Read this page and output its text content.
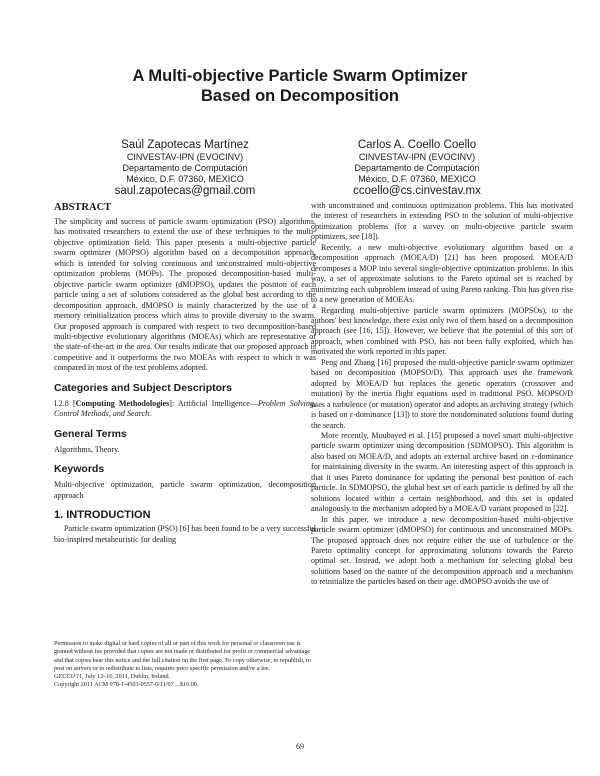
A Multi-objective Particle Swarm Optimizer
Based on Decomposition
Saúl Zapotecas Martínez
CINVESTAV-IPN (EVOCINV)
Departamento de Computación
México, D.F. 07360, MEXICO
saul.zapotecas@gmail.com
Carlos A. Coello Coello
CINVESTAV-IPN (EVOCINV)
Departamento de Computación
México, D.F. 07360, MEXICO
ccoello@cs.cinvestav.mx
ABSTRACT

The simplicity and success of particle swarm optimization (PSO) algorithms, has motivated researchers to extend the use of these techniques to the multi-objective optimization field. This paper presents a multi-objective particle swarm optimizer (MOPSO) algorithm based on a decomposition approach, which is intended for solving continuous and unconstrained multi-objective optimization problems (MOPs). The proposed decomposition-based multi-objective particle swarm optimizer (dMOPSO), updates the position of each particle using a set of solutions considered as the global best according to the decomposition approach. dMOPSO is mainly characterized by the use of a memory reinitialization process which aims to provide diversity to the swarm. Our proposed approach is compared with respect to two decomposition-based multi-objective evolutionary algorithms (MOEAs) which are representative of the state-of-the-art in the area. Our results indicate that our proposed approach is competitive and it outperforms the two MOEAs with respect to which it was compared in most of the test problems adopted.

Categories and Subject Descriptors

I.2.8 [Computing Methodologies]: Artificial Intelligence—Problem Solving, Control Methods, and Search.

General Terms

Algorithms, Theory.

Keywords

Multi-objective optimization, particle swarm optimization, decomposition approach

1. INTRODUCTION

Particle swarm optimization (PSO) [6] has been found to be a very successful bio-inspired metaheuristic for dealing

Permission to make digital or hard copies of all or part of this work for personal or classroom use is granted without fee provided that copies are not made or distributed for profit or commercial advantage and that copies bear this notice and the full citation on the first page. To copy otherwise, to republish, to post on servers or to redistribute to lists, requires prior specific permission and/or a fee.

GECCO'11, July 12–16, 2011, Dublin, Ireland.

Copyright 2011 ACM 978-1-4503-0557-0/11/07 ...$10.00.

with unconstrained and continuous optimization problems. This has motivated the interest of researchers in extending PSO to the solution of multi-objective optimization problems (for a survey on multi-objective particle swarm optimizers, see [18]).

Recently, a new multi-objective evolutionary algorithm based on a decomposition approach (MOEA/D) [21] has been proposed. MOEA/D decomposes a MOP into several single-objective optimization problems. In this way, a set of approximate solutions to the Pareto optimal set is reached by minimizing each subproblem instead of using Pareto ranking. This has given rise to a new generation of MOEAs.

Regarding multi-objective particle swarm optimizers (MOPSOs), to the authors' best knowledge, there exist only two of them based on a decomposition approach (see [16, 15]). However, we believe that the potential of this sort of approach, when combined with PSO, has not been fully exploited, which has motivated the work reported in this paper.

Peng and Zhang [16] proposed the multi-objective particle swarm optimizer based on decomposition (MOPSO/D). This approach uses the framework adopted by MOEA/D but replaces the genetic operators (crossover and mutation) by the inertia flight equations used in traditional PSO. MOPSO/D uses a turbulence (or mutation) operator and adopts an archiving strategy (which is based on ε-dominance [13]) to store the nondominated solutions found during the search.

More recently, Moubayed et al. [15] proposed a novel smart multi-objective particle swarm optimizer using decomposition (SDMOPSO). This algorithm is also based on MOEA/D, and adopts an external archive based on ε-dominance for maintaining diversity in the swarm. An interesting aspect of this approach is that it uses Pareto dominance for updating the personal best position of each particle. In SDMOPSO, the global best set of each particle is defined by all the solutions located within a certain neighborhood, and this set is updated analogously to the mechanism adopted by a MOEA/D variant proposed in [22].

In this paper, we introduce a new decomposition-based multi-objective particle swarm optimizer (dMOPSO) for continuous and unconstrained MOPs. The proposed approach does not require either the use of turbulence or the Pareto optimality concept for approximating solutions towards the Pareto optimal set. Instead, we adopt both a mechanism for selecting global best solutions based on the nature of the decomposition approach and a mechanism to reinitialize the particles based on their age. dMOPSO avoids the use of

69
